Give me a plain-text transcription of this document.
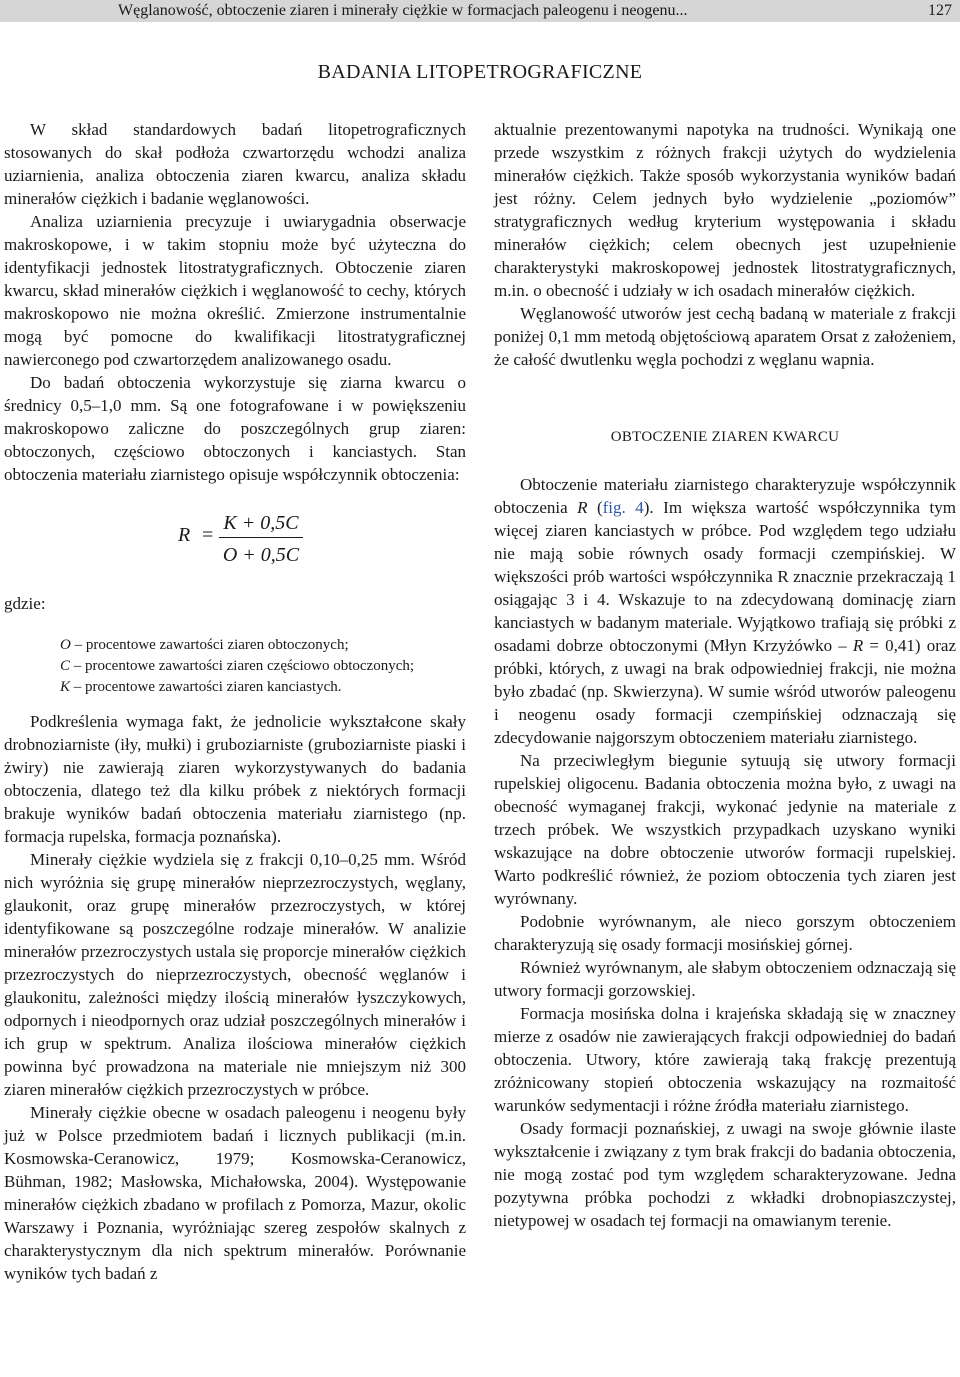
Węglanowość, obtoczenie ziaren i minerały ciężkie w formacjach paleogenu i neogenu...	127
BADANIA LITOPETROGRAFICZNE

W skład standardowych badań litopetrograficznych stosowanych do skał podłoża czwartorzędu wchodzi analiza uziarnienia, analiza obtoczenia ziaren kwarcu, analiza składu minerałów ciężkich i badanie węglanowości.

Analiza uziarnienia precyzuje i uwiarygadnia obserwacje makroskopowe, i w takim stopniu może być użyteczna do identyfikacji jednostek litostratygraficznych. Obtoczenie ziaren kwarcu, skład minerałów ciężkich i węglanowość to cechy, których makroskopowo nie można określić. Zmierzone instrumentalnie mogą być pomocne do kwalifikacji litostratygraficznej nawierconego pod czwartorzędem analizowanego osadu.

Do badań obtoczenia wykorzystuje się ziarna kwarcu o średnicy 0,5–1,0 mm. Są one fotografowane i w powiększeniu makroskopowo zaliczne do poszczególnych grup ziaren: obtoczonych, częściowo obtoczonych i kanciastych. Stan obtoczenia materiału ziarnistego opisuje współczynnik obtoczenia:

R =
K + 0,5C
O + 0,5C

gdzie:

O – procentowe zawartości ziaren obtoczonych;
C – procentowe zawartości ziaren częściowo obtoczonych;
K – procentowe zawartości ziaren kanciastych.

Podkreślenia wymaga fakt, że jednolicie wykształcone skały drobnoziarniste (iły, mułki) i gruboziarniste (gruboziarniste piaski i żwiry) nie zawierają ziaren wykorzystywanych do badania obtoczenia, dlatego też dla kilku próbek z niektórych formacji brakuje wyników badań obtoczenia materiału ziarnistego (np. formacja rupelska, formacja poznańska).

Minerały ciężkie wydziela się z frakcji 0,10–0,25 mm. Wśród nich wyróżnia się grupę minerałów nieprzezroczystych, węglany, glaukonit, oraz grupę minerałów przezroczystych, w której identyfikowane są poszczególne rodzaje minerałów. W analizie minerałów przezroczystych ustala się proporcje minerałów ciężkich przezroczystych do nieprzezroczystych, obecność węglanów i glaukonitu, zależności między ilością minerałów łyszczykowych, odpornych i nieodpornych oraz udział poszczególnych minerałów i ich grup w spektrum. Analiza ilościowa minerałów ciężkich powinna być prowadzona na materiale nie mniejszym niż 300 ziaren minerałów ciężkich przezroczystych w próbce.

Minerały ciężkie obecne w osadach paleogenu i neogenu były już w Polsce przedmiotem badań i licznych publikacji (m.in. Kosmowska-Ceranowicz, 1979; Kosmowska-Ceranowicz, Bühman, 1982; Masłowska, Michałowska, 2004). Występowanie minerałów ciężkich zbadano w profilach z Pomorza, Mazur, okolic Warszawy i Poznania, wyróżniając szereg zespołów skalnych z charakterystycznym dla nich spektrum minerałów. Porównanie wyników tych badań z

aktualnie prezentowanymi napotyka na trudności. Wynikają one przede wszystkim z różnych frakcji użytych do wydzielenia minerałów ciężkich. Także sposób wykorzystania wyników badań jest różny. Celem jednych było wydzielenie „poziomów” stratygraficznych według kryterium występowania i składu minerałów ciężkich; celem obecnych jest uzupełnienie charakterystyki makroskopowej jednostek litostratygraficznych, m.in. o obecność i udziały w ich osadach minerałów ciężkich.

Węglanowość utworów jest cechą badaną w materiale z frakcji poniżej 0,1 mm metodą objętościową aparatem Orsat z założeniem, że całość dwutlenku węgla pochodzi z węglanu wapnia.

OBTOCZENIE ZIAREN KWARCU

Obtoczenie materiału ziarnistego charakteryzuje współczynnik obtoczenia R (fig. 4). Im większa wartość współczynnika tym więcej ziaren kanciastych w próbce. Pod względem tego udziału nie mają sobie równych osady formacji czempińskiej. W większości prób wartości współczynnika R znacznie przekraczają 1 osiągając 3 i 4. Wskazuje to na zdecydowaną dominację ziarn kanciastych w badanym materiale. Wyjątkowo trafiają się próbki z osadami dobrze obtoczonymi (Młyn Krzyżówko – R = 0,41) oraz próbki, których, z uwagi na brak odpowiedniej frakcji, nie można było zbadać (np. Skwierzyna). W sumie wśród utworów paleogenu i neogenu osady formacji czempińskiej odznaczają się zdecydowanie najgorszym obtoczeniem materiału ziarnistego.

Na przeciwległym biegunie sytuują się utwory formacji rupelskiej oligocenu. Badania obtoczenia można było, z uwagi na obecność wymaganej frakcji, wykonać jedynie na materiale z trzech próbek. We wszystkich przypadkach uzyskano wyniki wskazujące na dobre obtoczenie utworów formacji rupelskiej. Warto podkreślić również, że poziom obtoczenia tych ziaren jest wyrównany.

Podobnie wyrównanym, ale nieco gorszym obtoczeniem charakteryzują się osady formacji mosińskiej górnej.

Również wyrównanym, ale słabym obtoczeniem odznaczają się utwory formacji gorzowskiej.

Formacja mosińska dolna i krajeńska składają się w znaczney mierze z osadów nie zawierających frakcji odpowiedniej do badań obtoczenia. Utwory, które zawierają taką frakcję prezentują zróżnicowany stopień obtoczenia wskazujący na rozmaitość warunków sedymentacji i różne źródła materiału ziarnistego.

Osady formacji poznańskiej, z uwagi na swoje głównie ilaste wykształcenie i związany z tym brak frakcji do badania obtoczenia, nie mogą zostać pod tym względem scharakteryzowane. Jedna pozytywna próbka pochodzi z wkładki drobnopiaszczystej, nietypowej w osadach tej formacji na omawianym terenie.
